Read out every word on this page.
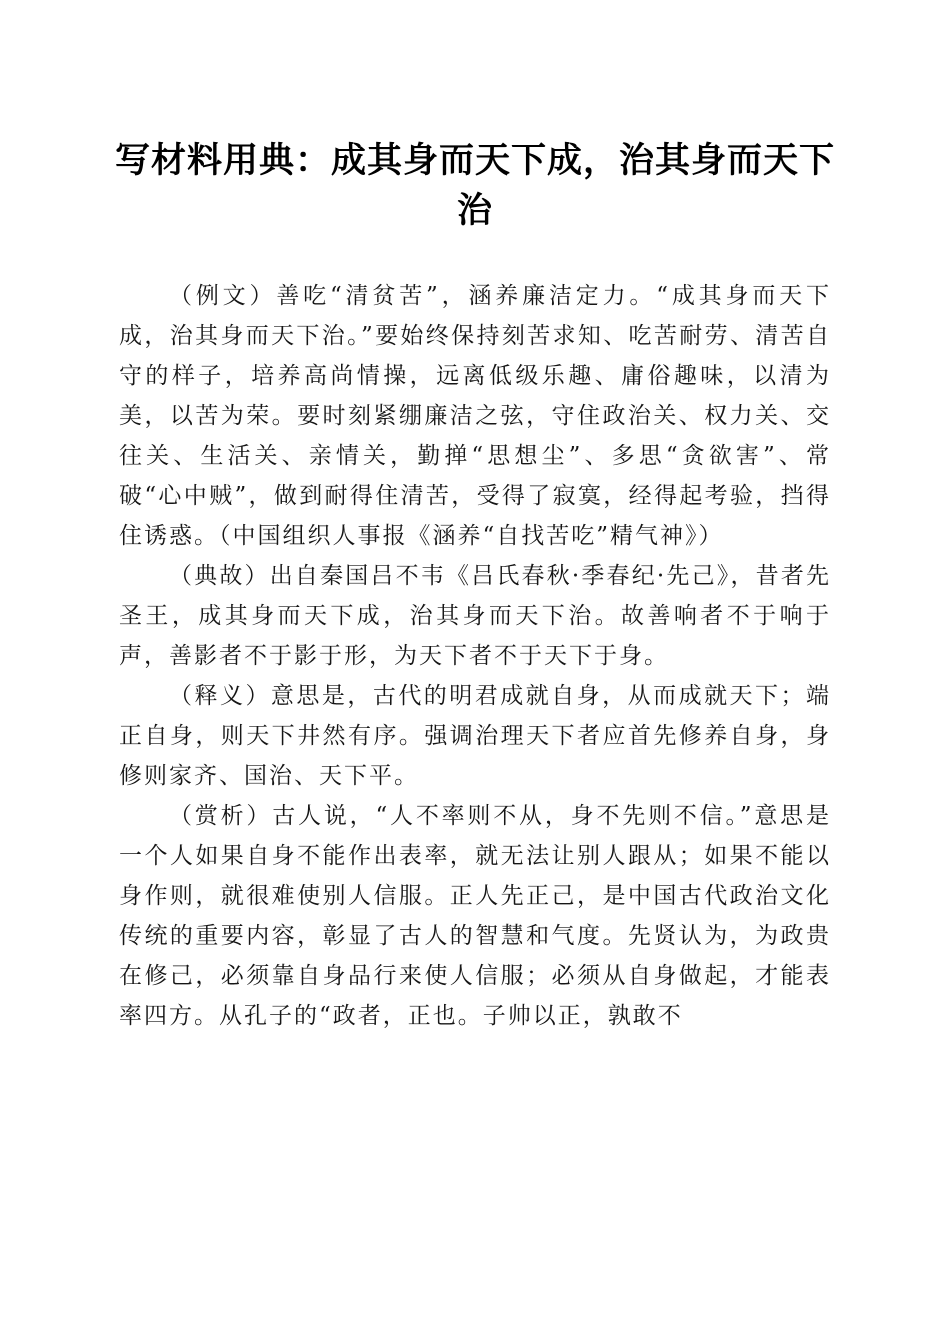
写材料用典：成其身而天下成，治其身而天下治

（例文）善吃“清贫苦”，涵养廉洁定力。“成其身而天下成，治其身而天下治。”要始终保持刻苦求知、吃苦耐劳、清苦自守的样子，培养高尚情操，远离低级乐趣、庸俗趣味，以清为美，以苦为荣。要时刻紧绷廉洁之弦，守住政治关、权力关、交往关、生活关、亲情关，勤掸“思想尘”、多思“贪欲害”、常破“心中贼”，做到耐得住清苦，受得了寂寞，经得起考验，挡得住诱惑。（中国组织人事报《涵养“自找苦吃”精气神》）

（典故）出自秦国吕不韦《吕氏春秋·季春纪·先己》，昔者先圣王，成其身而天下成，治其身而天下治。故善响者不于响于声，善影者不于影于形，为天下者不于天下于身。

（释义）意思是，古代的明君成就自身，从而成就天下；端正自身，则天下井然有序。强调治理天下者应首先修养自身，身修则家齐、国治、天下平。

（赏析）古人说，“人不率则不从，身不先则不信。”意思是一个人如果自身不能作出表率，就无法让别人跟从；如果不能以身作则，就很难使别人信服。正人先正己，是中国古代政治文化传统的重要内容，彰显了古人的智慧和气度。先贤认为，为政贵在修己，必须靠自身品行来使人信服；必须从自身做起，才能表率四方。从孔子的“政者，正也。子帅以正，孰敢不
